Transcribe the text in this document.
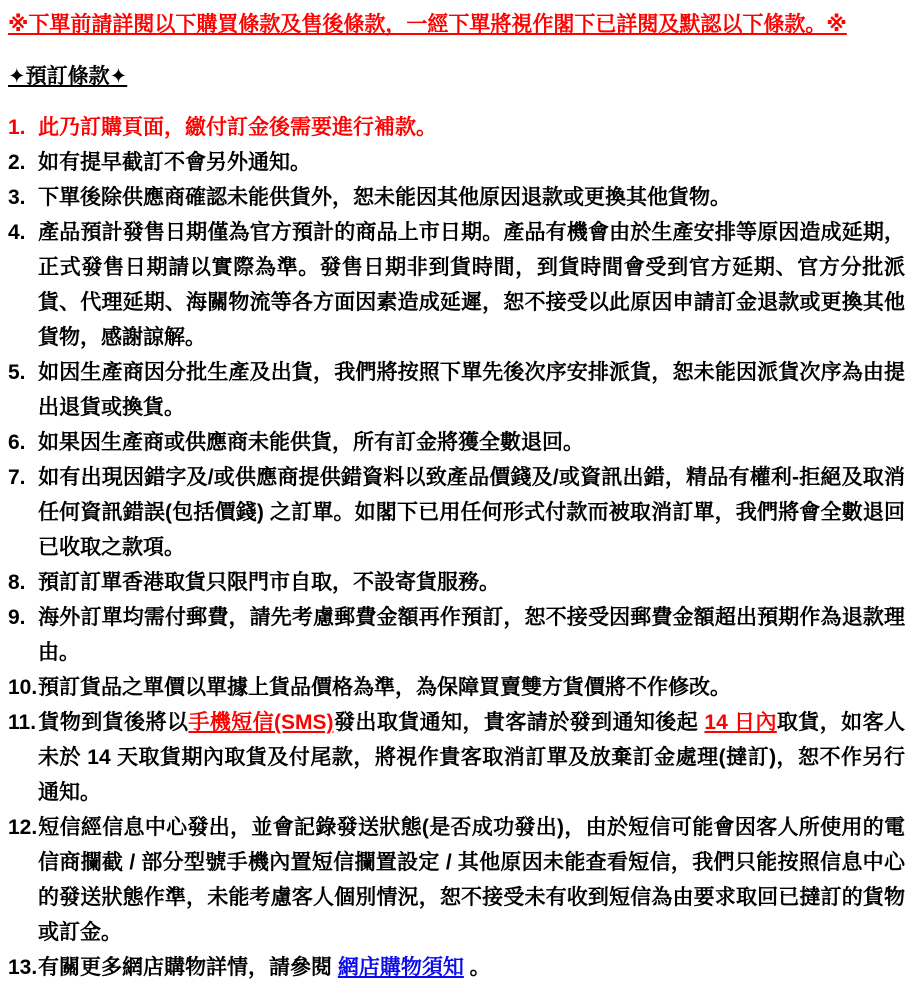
※下單前請詳閱以下購買條款及售後條款，一經下單將視作閣下已詳閱及默認以下條款。※

✦預訂條款✦

1. 此乃訂購頁面，繳付訂金後需要進行補款。
2. 如有提早截訂不會另外通知。
3. 下單後除供應商確認未能供貨外，恕未能因其他原因退款或更換其他貨物。
4. 產品預計發售日期僅為官方預計的商品上市日期。產品有機會由於生產安排等原因造成延期，正式發售日期請以實際為準。發售日期非到貨時間，到貨時間會受到官方延期、官方分批派貨、代理延期、海關物流等各方面因素造成延遲，恕不接受以此原因申請訂金退款或更換其他貨物，感謝諒解。
5. 如因生產商因分批生產及出貨，我們將按照下單先後次序安排派貨，恕未能因派貨次序為由提出退貨或換貨。
6. 如果因生產商或供應商未能供貨，所有訂金將獲全數退回。
7. 如有出現因錯字及/或供應商提供錯資料以致產品價錢及/或資訊出錯，精品有權利-拒絕及取消任何資訊錯誤(包括價錢) 之訂單。如閣下已用任何形式付款而被取消訂單，我們將會全數退回已收取之款項。
8. 預訂訂單香港取貨只限門市自取，不設寄貨服務。
9. 海外訂單均需付郵費，請先考慮郵費金額再作預訂，恕不接受因郵費金額超出預期作為退款理由。
10.預訂貨品之單價以單據上貨品價格為準，為保障買賣雙方貨價將不作修改。
11.貨物到貨後將以手機短信(SMS)發出取貨通知，貴客請於發到通知後起 14 日內取貨，如客人未於 14 天取貨期內取貨及付尾款，將視作貴客取消訂單及放棄訂金處理(撻訂)，恕不作另行通知。
12.短信經信息中心發出，並會記錄發送狀態(是否成功發出)，由於短信可能會因客人所使用的電信商攔截 / 部分型號手機內置短信攔置設定 / 其他原因未能查看短信，我們只能按照信息中心的發送狀態作準，未能考慮客人個別情況，恕不接受未有收到短信為由要求取回已撻訂的貨物或訂金。
13.有關更多網店購物詳情，請參閱 網店購物須知 。
